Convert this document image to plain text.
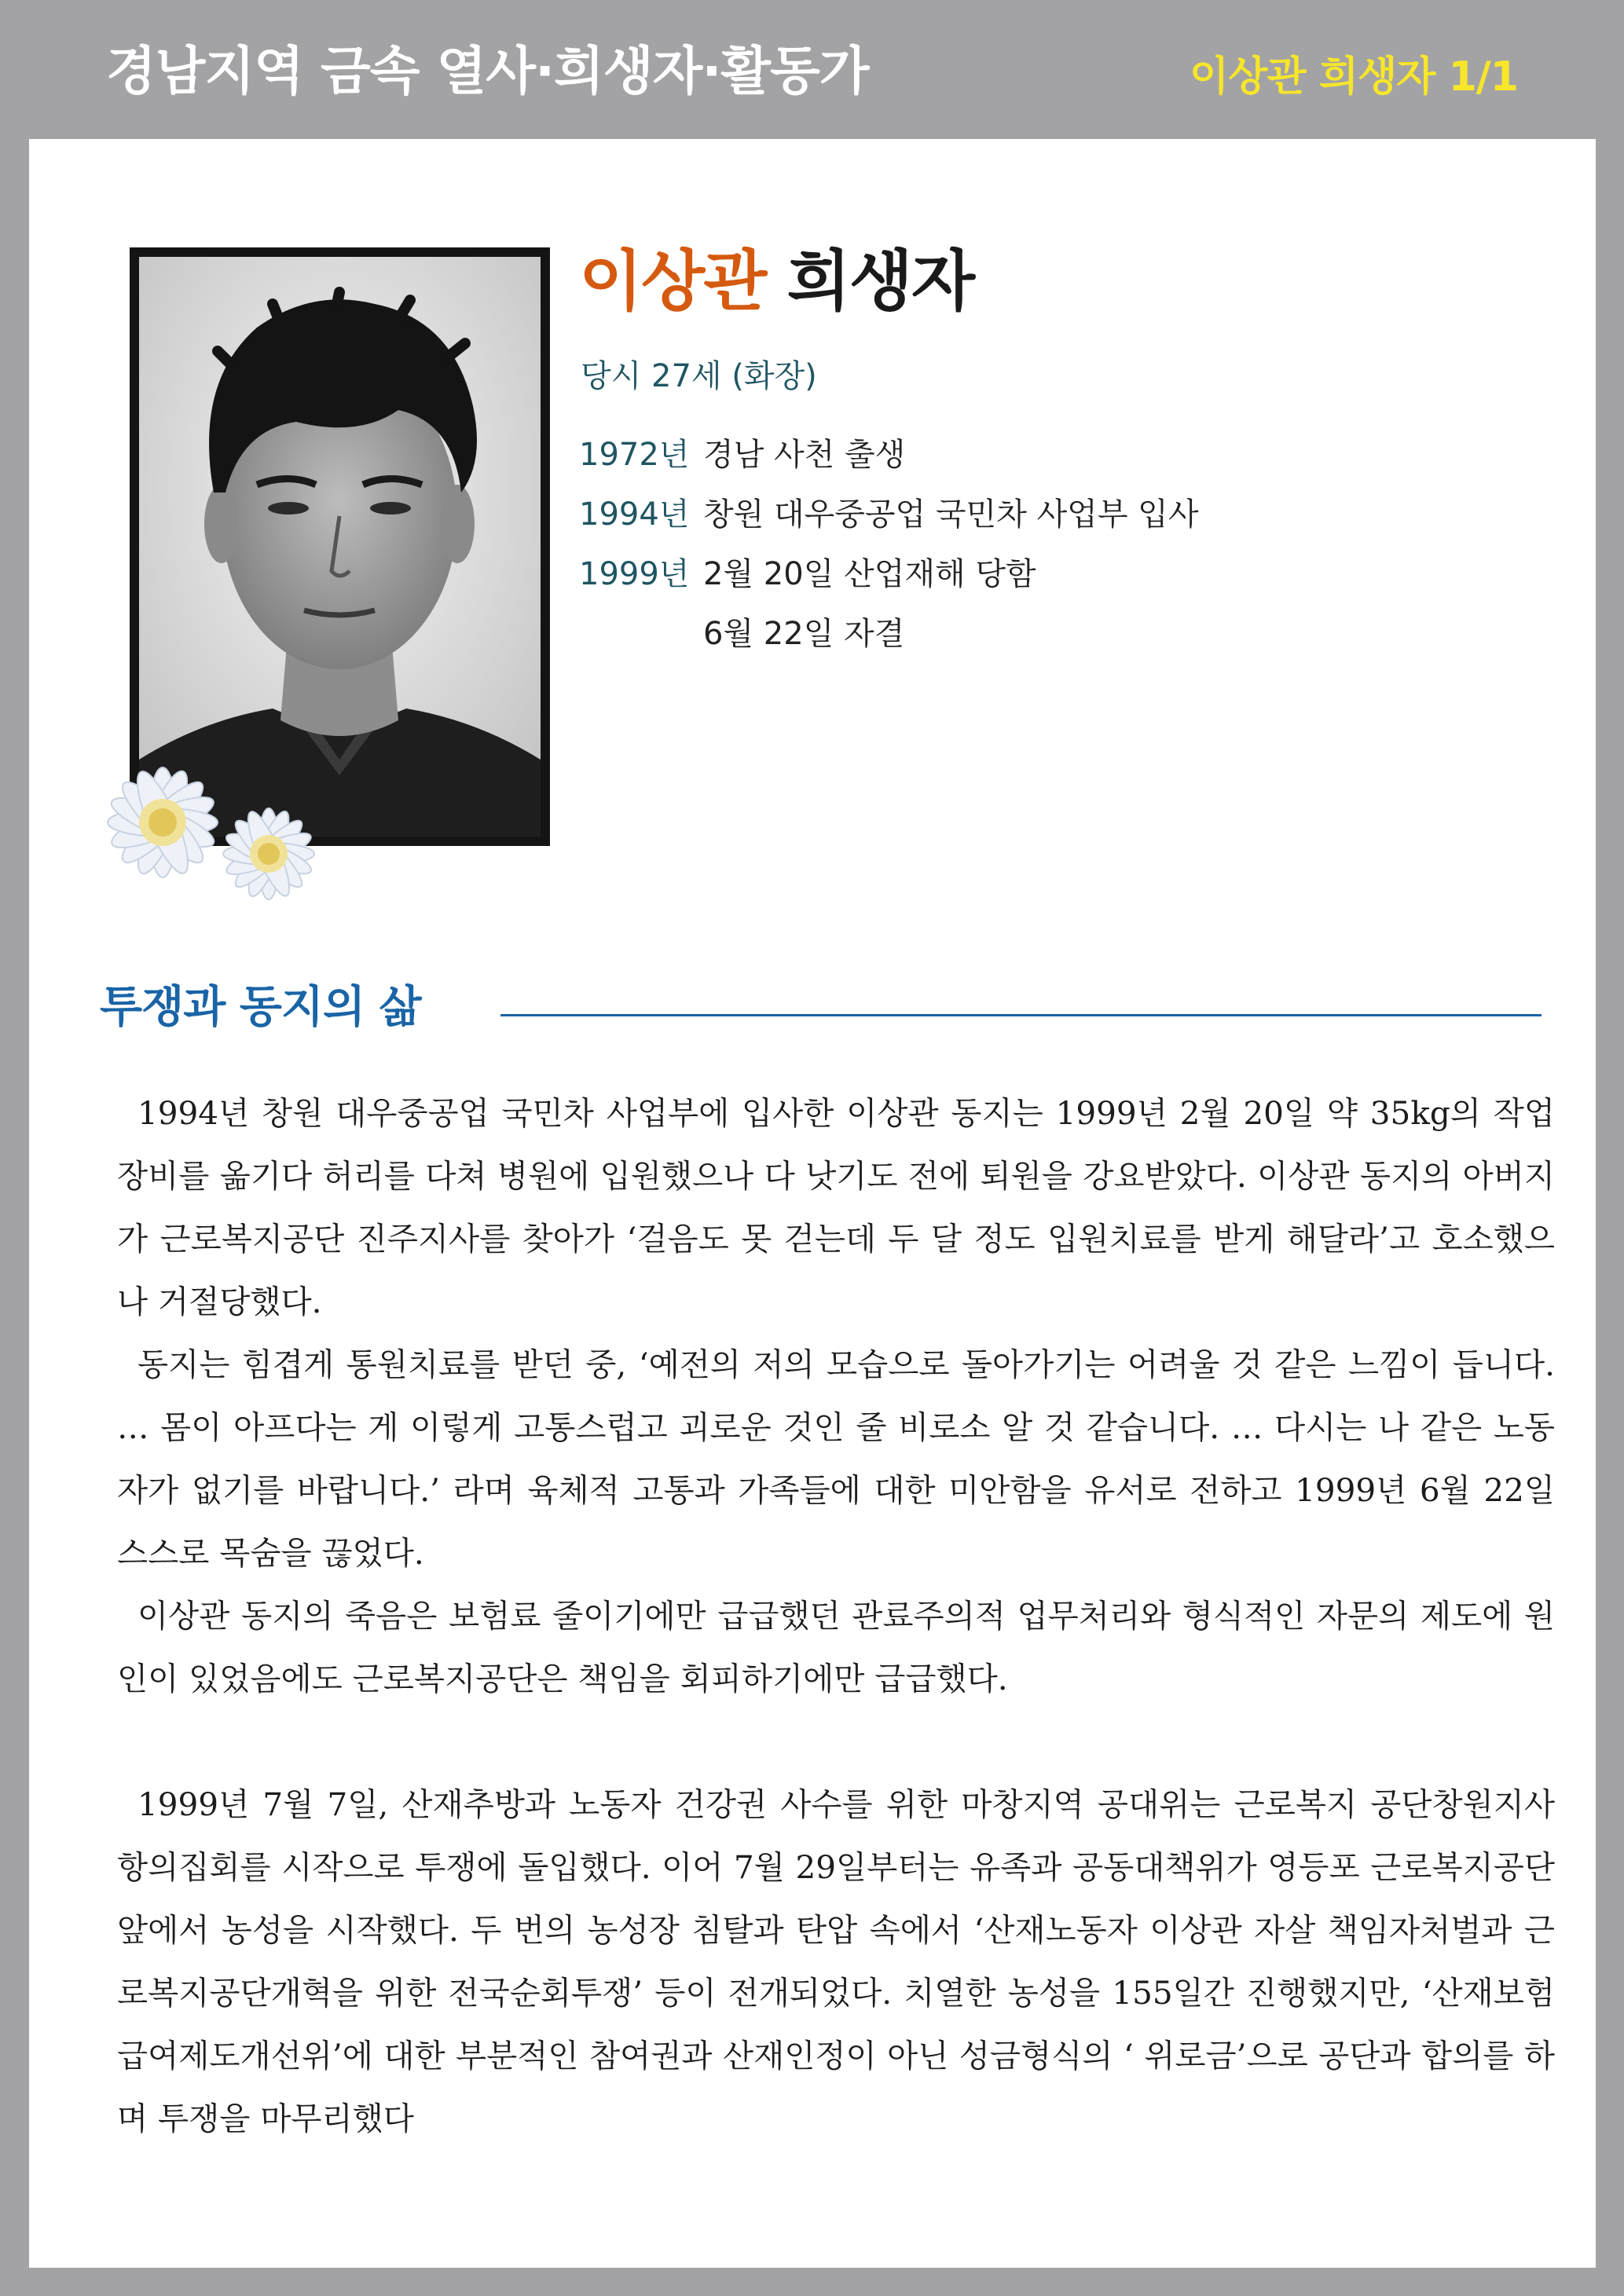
경남지역 금속 열사·희생자·활동가	이상관 희생자 1/1
이상관 희생자
당시 27세 (화장)
1972년 경남 사천 출생
1994년 창원 대우중공업 국민차 사업부 입사
1999년 2월 20일 산업재해 당함
6월 22일 자결
투쟁과 동지의 삶

1994년 창원 대우중공업 국민차 사업부에 입사한 이상관 동지는 1999년 2월 20일 약 35kg의 작업 장비를 옮기다 허리를 다쳐 병원에 입원했으나 다 낫기도 전에 퇴원을 강요받았다. 이상관 동지의 아버지가 근로복지공단 진주지사를 찾아가 ‘걸음도 못 걷는데 두 달 정도 입원치료를 받게 해달라’고 호소했으나 거절당했다.

동지는 힘겹게 통원치료를 받던 중, ‘예전의 저의 모습으로 돌아가기는 어려울 것 같은 느낌이 듭니다. … 몸이 아프다는 게 이렇게 고통스럽고 괴로운 것인 줄 비로소 알 것 같습니다. … 다시는 나 같은 노동자가 없기를 바랍니다.’ 라며 육체적 고통과 가족들에 대한 미안함을 유서로 전하고 1999년 6월 22일 스스로 목숨을 끊었다.

이상관 동지의 죽음은 보험료 줄이기에만 급급했던 관료주의적 업무처리와 형식적인 자문의 제도에 원인이 있었음에도 근로복지공단은 책임을 회피하기에만 급급했다.

1999년 7월 7일, 산재추방과 노동자 건강권 사수를 위한 마창지역 공대위는 근로복지 공단창원지사 항의집회를 시작으로 투쟁에 돌입했다. 이어 7월 29일부터는 유족과 공동대책위가 영등포 근로복지공단 앞에서 농성을 시작했다. 두 번의 농성장 침탈과 탄압 속에서 ‘산재노동자 이상관 자살 책임자처벌과 근로복지공단개혁을 위한 전국순회투쟁’ 등이 전개되었다. 치열한 농성을 155일간 진행했지만, ‘산재보험급여제도개선위’에 대한 부분적인 참여권과 산재인정이 아닌 성금형식의 ‘ 위로금’으로 공단과 합의를 하며 투쟁을 마무리했다
